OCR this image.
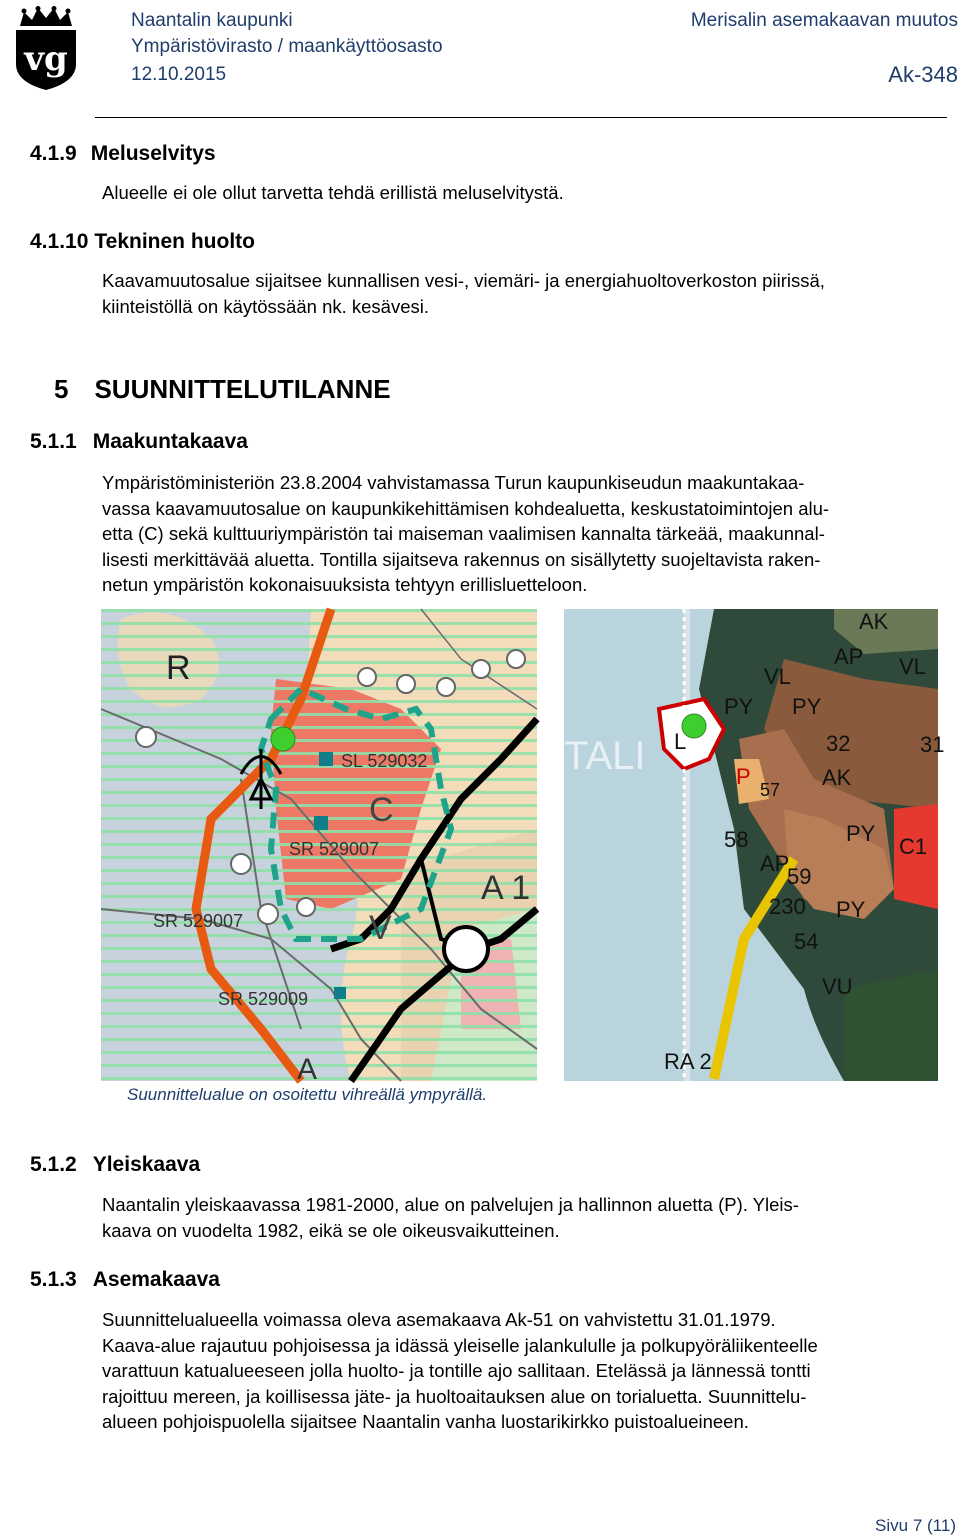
vg
Naantalin kaupunki
Ympäristövirasto / maankäyttöosasto
12.10.2015
Merisalin asemakaavan muutos
Ak-348
4.1.9 Meluselvitys
Alueelle ei ole ollut tarvetta tehdä erillistä meluselvitystä.
4.1.10 Tekninen huolto
Kaavamuutosalue sijaitsee kunnallisen vesi-, viemäri- ja energiahuoltoverkoston piirissä,
kiinteistöllä on käytössään nk. kesävesi.
5 SUUNNITTELUTILANNE
5.1.1 Maakuntakaava
Ympäristöministeriön 23.8.2004 vahvistamassa Turun kaupunkiseudun maakuntakaa-
vassa kaavamuutosalue on kaupunkikehittämisen kohdealuetta, keskustatoimintojen alu-
etta (C) sekä kulttuuriympäristön tai maiseman vaalimisen kannalta tärkeää, maakunnal-
lisesti merkittävää aluetta. Tontilla sijaitseva rakennus on sisällytetty suojeltavista raken-
netun ympäristön kokonaisuuksista tehtyyn erillisluetteloon.
R
C
V
A 1
A
SL 529032
SR 529007
SR 529007
SR 529009
AK
AP VL
VL
PY PY
PY
PY
32
AK
31
P
57
58
AP
59
C1
230
54
VU
L
TALI
RA 2
Suunnittelualue on osoitettu vihreällä ympyrällä.
5.1.2 Yleiskaava
Naantalin yleiskaavassa 1981-2000, alue on palvelujen ja hallinnon aluetta (P). Yleis-
kaava on vuodelta 1982, eikä se ole oikeusvaikutteinen.
5.1.3 Asemakaava
Suunnittelualueella voimassa oleva asemakaava Ak-51 on vahvistettu 31.01.1979.
Kaava-alue rajautuu pohjoisessa ja idässä yleiselle jalankululle ja polkupyöräliikenteelle
varattuun katualueeseen jolla huolto- ja tontille ajo sallitaan. Etelässä ja lännessä tontti
rajoittuu mereen, ja koillisessa jäte- ja huoltoaitauksen alue on torialuetta. Suunnittelu-
alueen pohjoispuolella sijaitsee Naantalin vanha luostarikirkko puistoalueineen.
Sivu 7 (11)
